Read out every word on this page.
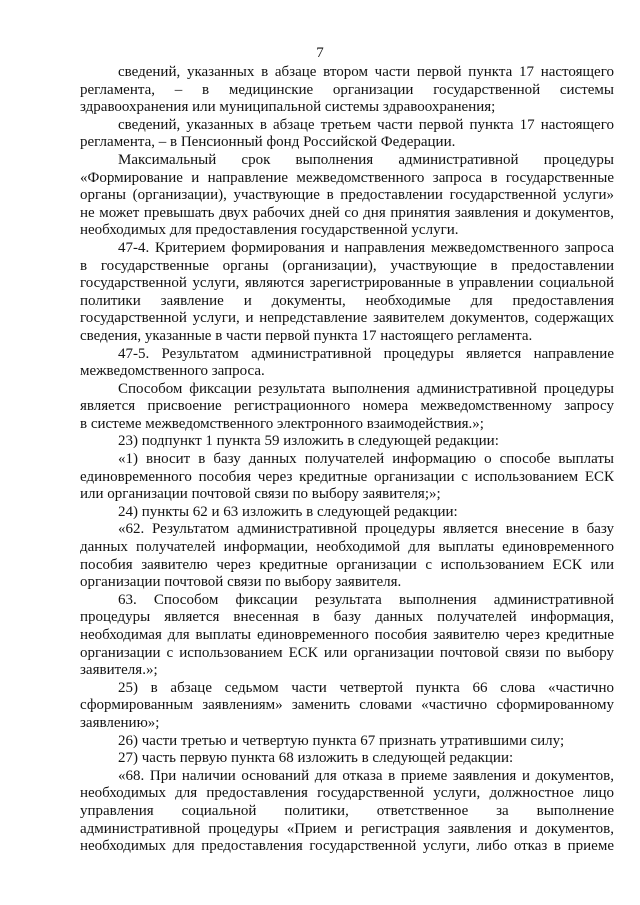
7
сведений, указанных в абзаце втором части первой пункта 17 настоящего
регламента, – в медицинские организации государственной системы
здравоохранения или муниципальной системы здравоохранения;
сведений, указанных в абзаце третьем части первой пункта 17 настоящего
регламента, – в Пенсионный фонд Российской Федерации.
Максимальный срок выполнения административной процедуры
«Формирование и направление межведомственного запроса в государственные
органы (организации), участвующие в предоставлении государственной услуги»
не может превышать двух рабочих дней со дня принятия заявления и документов,
необходимых для предоставления государственной услуги.
47-4. Критерием формирования и направления межведомственного запроса
в государственные органы (организации), участвующие в предоставлении
государственной услуги, являются зарегистрированные в управлении социальной
политики заявление и документы, необходимые для предоставления
государственной услуги, и непредставление заявителем документов, содержащих
сведения, указанные в части первой пункта 17 настоящего регламента.
47-5. Результатом административной процедуры является направление
межведомственного запроса.
Способом фиксации результата выполнения административной процедуры
является присвоение регистрационного номера межведомственному запросу
в системе межведомственного электронного взаимодействия.»;
23) подпункт 1 пункта 59 изложить в следующей редакции:
«1) вносит в базу данных получателей информацию о способе выплаты
единовременного пособия через кредитные организации с использованием ЕСК
или организации почтовой связи по выбору заявителя;»;
24) пункты 62 и 63 изложить в следующей редакции:
«62. Результатом административной процедуры является внесение в базу
данных получателей информации, необходимой для выплаты единовременного
пособия заявителю через кредитные организации с использованием ЕСК или
организации почтовой связи по выбору заявителя.
63. Способом фиксации результата выполнения административной
процедуры является внесенная в базу данных получателей информация,
необходимая для выплаты единовременного пособия заявителю через кредитные
организации с использованием ЕСК или организации почтовой связи по выбору
заявителя.»;
25) в абзаце седьмом части четвертой пункта 66 слова «частично
сформированным заявлениям» заменить словами «частично сформированному
заявлению»;
26) части третью и четвертую пункта 67 признать утратившими силу;
27) часть первую пункта 68 изложить в следующей редакции:
«68. При наличии оснований для отказа в приеме заявления и документов,
необходимых для предоставления государственной услуги, должностное лицо
управления социальной политики, ответственное за выполнение
административной процедуры «Прием и регистрация заявления и документов,
необходимых для предоставления государственной услуги, либо отказ в приеме
